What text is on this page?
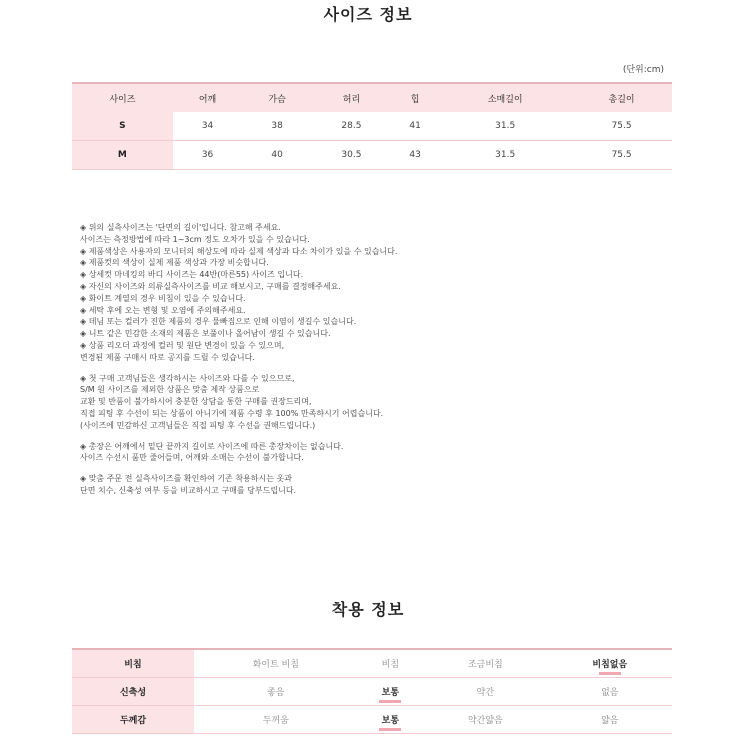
사이즈 정보
(단위:cm)
사이즈	어깨	가슴	허리	힙	소매길이	총길이
S	34	38	28.5	41	31.5	75.5
M	36	40	30.5	43	31.5	75.5

◈ 위의 실측사이즈는 '단면의 길이'입니다. 참고해 주세요.
사이즈는 측정방법에 따라 1~3cm 정도 오차가 있을 수 있습니다.
◈ 제품색상은 사용자의 모니터의 해상도에 따라 실제 색상과 다소 차이가 있을 수 있습니다.
◈ 제품컷의 색상이 실제 제품 색상과 가장 비슷합니다.
◈ 상세컷 마네킹의 바디 사이즈는 44반(마른55) 사이즈 입니다.
◈ 자신의 사이즈와 의류실측사이즈를 비교 해보시고, 구매를 결정해주세요.
◈ 화이트 계열의 경우 비침이 있을 수 있습니다.
◈ 세탁 후에 오는 변형 및 오염에 주의해주세요.
◈ 데님 또는 컬러가 진한 제품의 경우 물빠짐으로 인해 이염이 생길수 있습니다.
◈ 니트 같은 민감한 소재의 제품은 보풀이나 올어남이 생길 수 있습니다.
◈ 상품 리오더 과정에 컬러 및 원단 변경이 있을 수 있으며,
변경된 제품 구매시 따로 공지를 드릴 수 있습니다.

◈ 첫 구매 고객님들은 생각하시는 사이즈와 다를 수 있으므로,
S/M 원 사이즈를 제외한 상품은 맞춤 제작 상품으로
교환 및 반품이 불가하시어 충분한 상담을 통한 구매를 권장드리며,
직접 피팅 후 수선이 되는 상품이 아니기에 제품 수령 후 100% 만족하시기 어렵습니다.
(사이즈에 민감하신 고객님들은 직접 피팅 후 수선을 권해드립니다.)

◈ 총장은 어깨에서 밑단 끝까지 길이로 사이즈에 따른 총장차이는 없습니다.
사이즈 수선시 품만 줄어들며, 어깨와 소매는 수선이 불가합니다.

◈ 맞춤 주문 전 실측사이즈를 확인하여 기존 착용하시는 옷과
단면 치수, 신축성 여부 등을 비교하시고 구매를 당부드립니다.

착용 정보
비침	화이트 비침	비침	조금비침	비침없음

신축성	좋음	보통	약간	없음
두께감	두꺼움	보통	약간얇음	얇음
